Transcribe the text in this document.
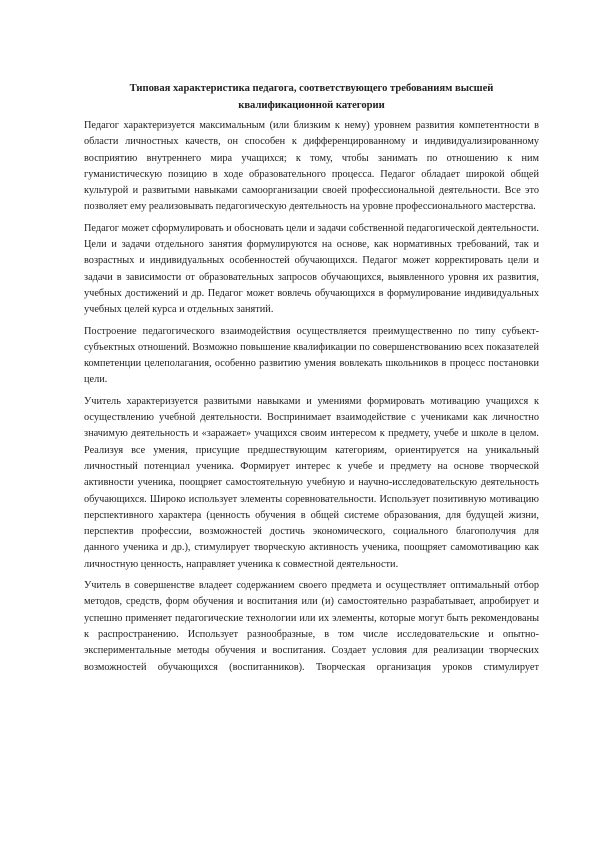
Типовая характеристика педагога, соответствующего требованиям высшей квалификационной категории

Педагог характеризуется максимальным (или близким к нему) уровнем развития компетентности в области личностных качеств, он способен к дифференцированному и индивидуализированному восприятию внутреннего мира учащихся; к тому, чтобы занимать по отношению к ним гуманистическую позицию в ходе образовательного процесса. Педагог обладает широкой общей культурой и развитыми навыками самоорганизации своей профессиональной деятельности. Все это позволяет ему реализовывать педагогическую деятельность на уровне профессионального мастерства.

Педагог может сформулировать и обосновать цели и задачи собственной педагогической деятельности. Цели и задачи отдельного занятия формулируются на основе, как нормативных требований, так и возрастных и индивидуальных особенностей обучающихся. Педагог может корректировать цели и задачи в зависимости от образовательных запросов обучающихся, выявленного уровня их развития, учебных достижений и др. Педагог может вовлечь обучающихся в формулирование индивидуальных учебных целей курса и отдельных занятий.

Построение педагогического взаимодействия осуществляется преимущественно по типу субъект-субъектных отношений. Возможно повышение квалификации по совершенствованию всех показателей компетенции целеполагания, особенно развитию умения вовлекать школьников в процесс постановки цели.

Учитель характеризуется развитыми навыками и умениями формировать мотивацию учащихся к осуществлению учебной деятельности. Воспринимает взаимодействие с учениками как личностно значимую деятельность и «заражает» учащихся своим интересом к предмету, учебе и школе в целом. Реализуя все умения, присущие предшествующим категориям, ориентируется на уникальный личностный потенциал ученика. Формирует интерес к учебе и предмету на основе творческой активности ученика, поощряет самостоятельную учебную и научно-исследовательскую деятельность обучающихся. Широко использует элементы соревновательности. Использует позитивную мотивацию перспективного характера (ценность обучения в общей системе образования, для будущей жизни, перспектив профессии, возможностей достичь экономического, социального благополучия для данного ученика и др.), стимулирует творческую активность ученика, поощряет самомотивацию как личностную ценность, направляет ученика к совместной деятельности.

Учитель в совершенстве владеет содержанием своего предмета и осуществляет оптимальный отбор методов, средств, форм обучения и воспитания или (и) самостоятельно разрабатывает, апробирует и успешно применяет педагогические технологии или их элементы, которые могут быть рекомендованы к распространению. Использует разнообразные, в том числе исследовательские и опытно-экспериментальные методы обучения и воспитания. Создает условия для реализации творческих возможностей обучающихся (воспитанников). Творческая организация уроков стимулирует
